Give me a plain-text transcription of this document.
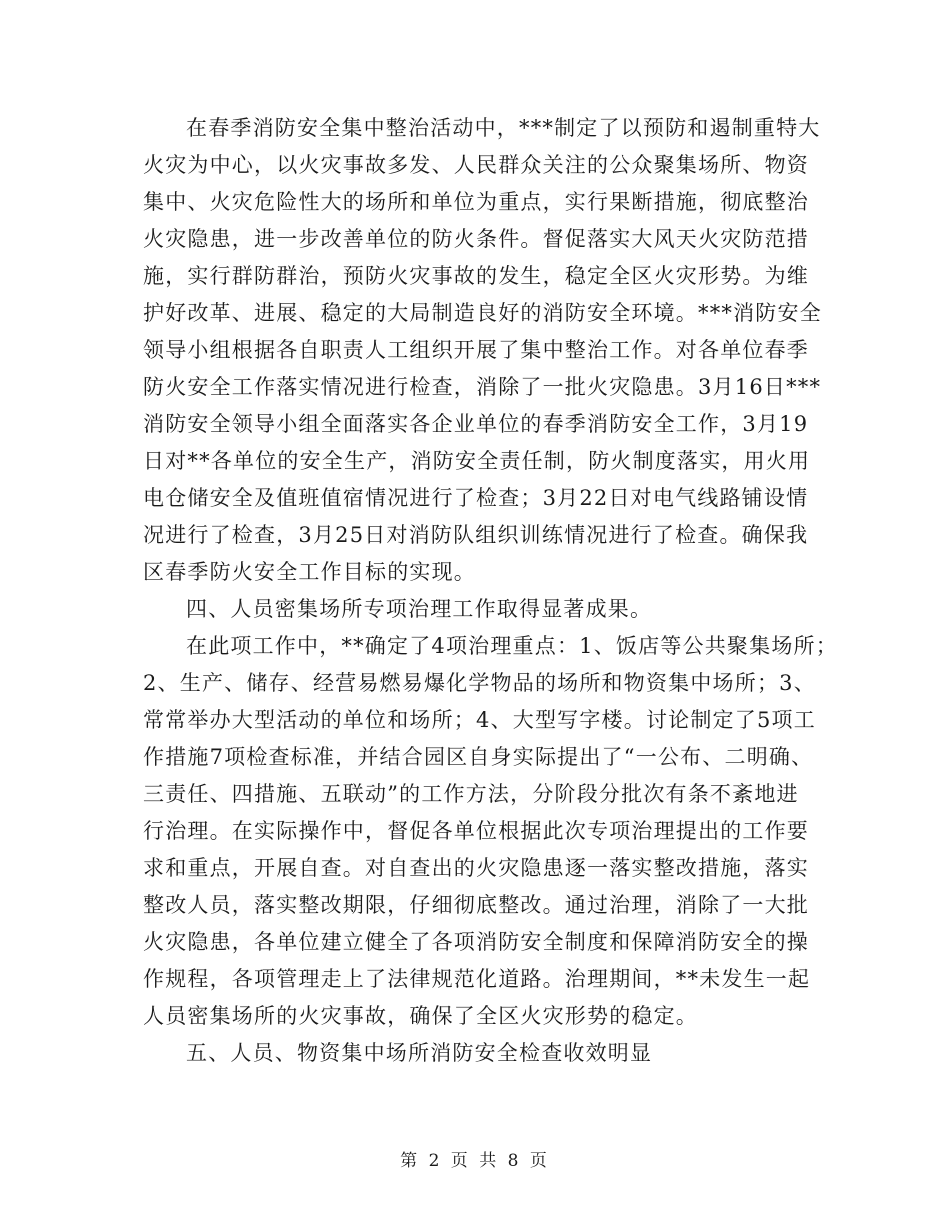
在春季消防安全集中整治活动中，***制定了以预防和遏制重特大
火灾为中心，以火灾事故多发、人民群众关注的公众聚集场所、物资
集中、火灾危险性大的场所和单位为重点，实行果断措施，彻底整治
火灾隐患，进一步改善单位的防火条件。督促落实大风天火灾防范措
施，实行群防群治，预防火灾事故的发生，稳定全区火灾形势。为维
护好改革、进展、稳定的大局制造良好的消防安全环境。***消防安全
领导小组根据各自职责人工组织开展了集中整治工作。对各单位春季
防火安全工作落实情况进行检查，消除了一批火灾隐患。3月16日***
消防安全领导小组全面落实各企业单位的春季消防安全工作，3月19
日对**各单位的安全生产，消防安全责任制，防火制度落实，用火用
电仓储安全及值班值宿情况进行了检查；3月22日对电气线路铺设情
况进行了检查，3月25日对消防队组织训练情况进行了检查。确保我
区春季防火安全工作目标的实现。
四、人员密集场所专项治理工作取得显著成果。
在此项工作中，**确定了4项治理重点：1、饭店等公共聚集场所；
2、生产、储存、经营易燃易爆化学物品的场所和物资集中场所；3、
常常举办大型活动的单位和场所；4、大型写字楼。讨论制定了5项工
作措施7项检查标准，并结合园区自身实际提出了“一公布、二明确、
三责任、四措施、五联动”的工作方法，分阶段分批次有条不紊地进
行治理。在实际操作中，督促各单位根据此次专项治理提出的工作要
求和重点，开展自查。对自查出的火灾隐患逐一落实整改措施，落实
整改人员，落实整改期限，仔细彻底整改。通过治理，消除了一大批
火灾隐患，各单位建立健全了各项消防安全制度和保障消防安全的操
作规程，各项管理走上了法律规范化道路。治理期间，**未发生一起
人员密集场所的火灾事故，确保了全区火灾形势的稳定。
五、人员、物资集中场所消防安全检查收效明显
第 2 页 共 8 页
